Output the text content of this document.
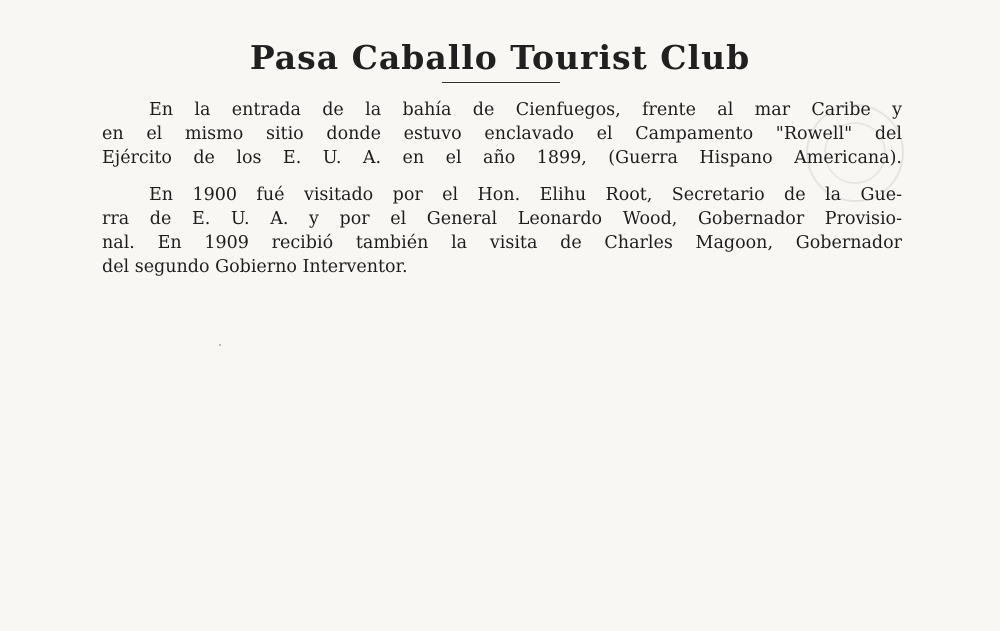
Pasa Caballo Tourist Club
En la entrada de la bahía de Cienfuegos, frente al mar Caribe y
en el mismo sitio donde estuvo enclavado el Campamento "Rowell" del
Ejército de los E. U. A. en el año 1899, (Guerra Hispano Americana).
En 1900 fué visitado por el Hon. Elihu Root, Secretario de la Gue-
rra de E. U. A. y por el General Leonardo Wood, Gobernador Provisio-
nal. En 1909 recibió también la visita de Charles Magoon, Gobernador
del segundo Gobierno Interventor.
